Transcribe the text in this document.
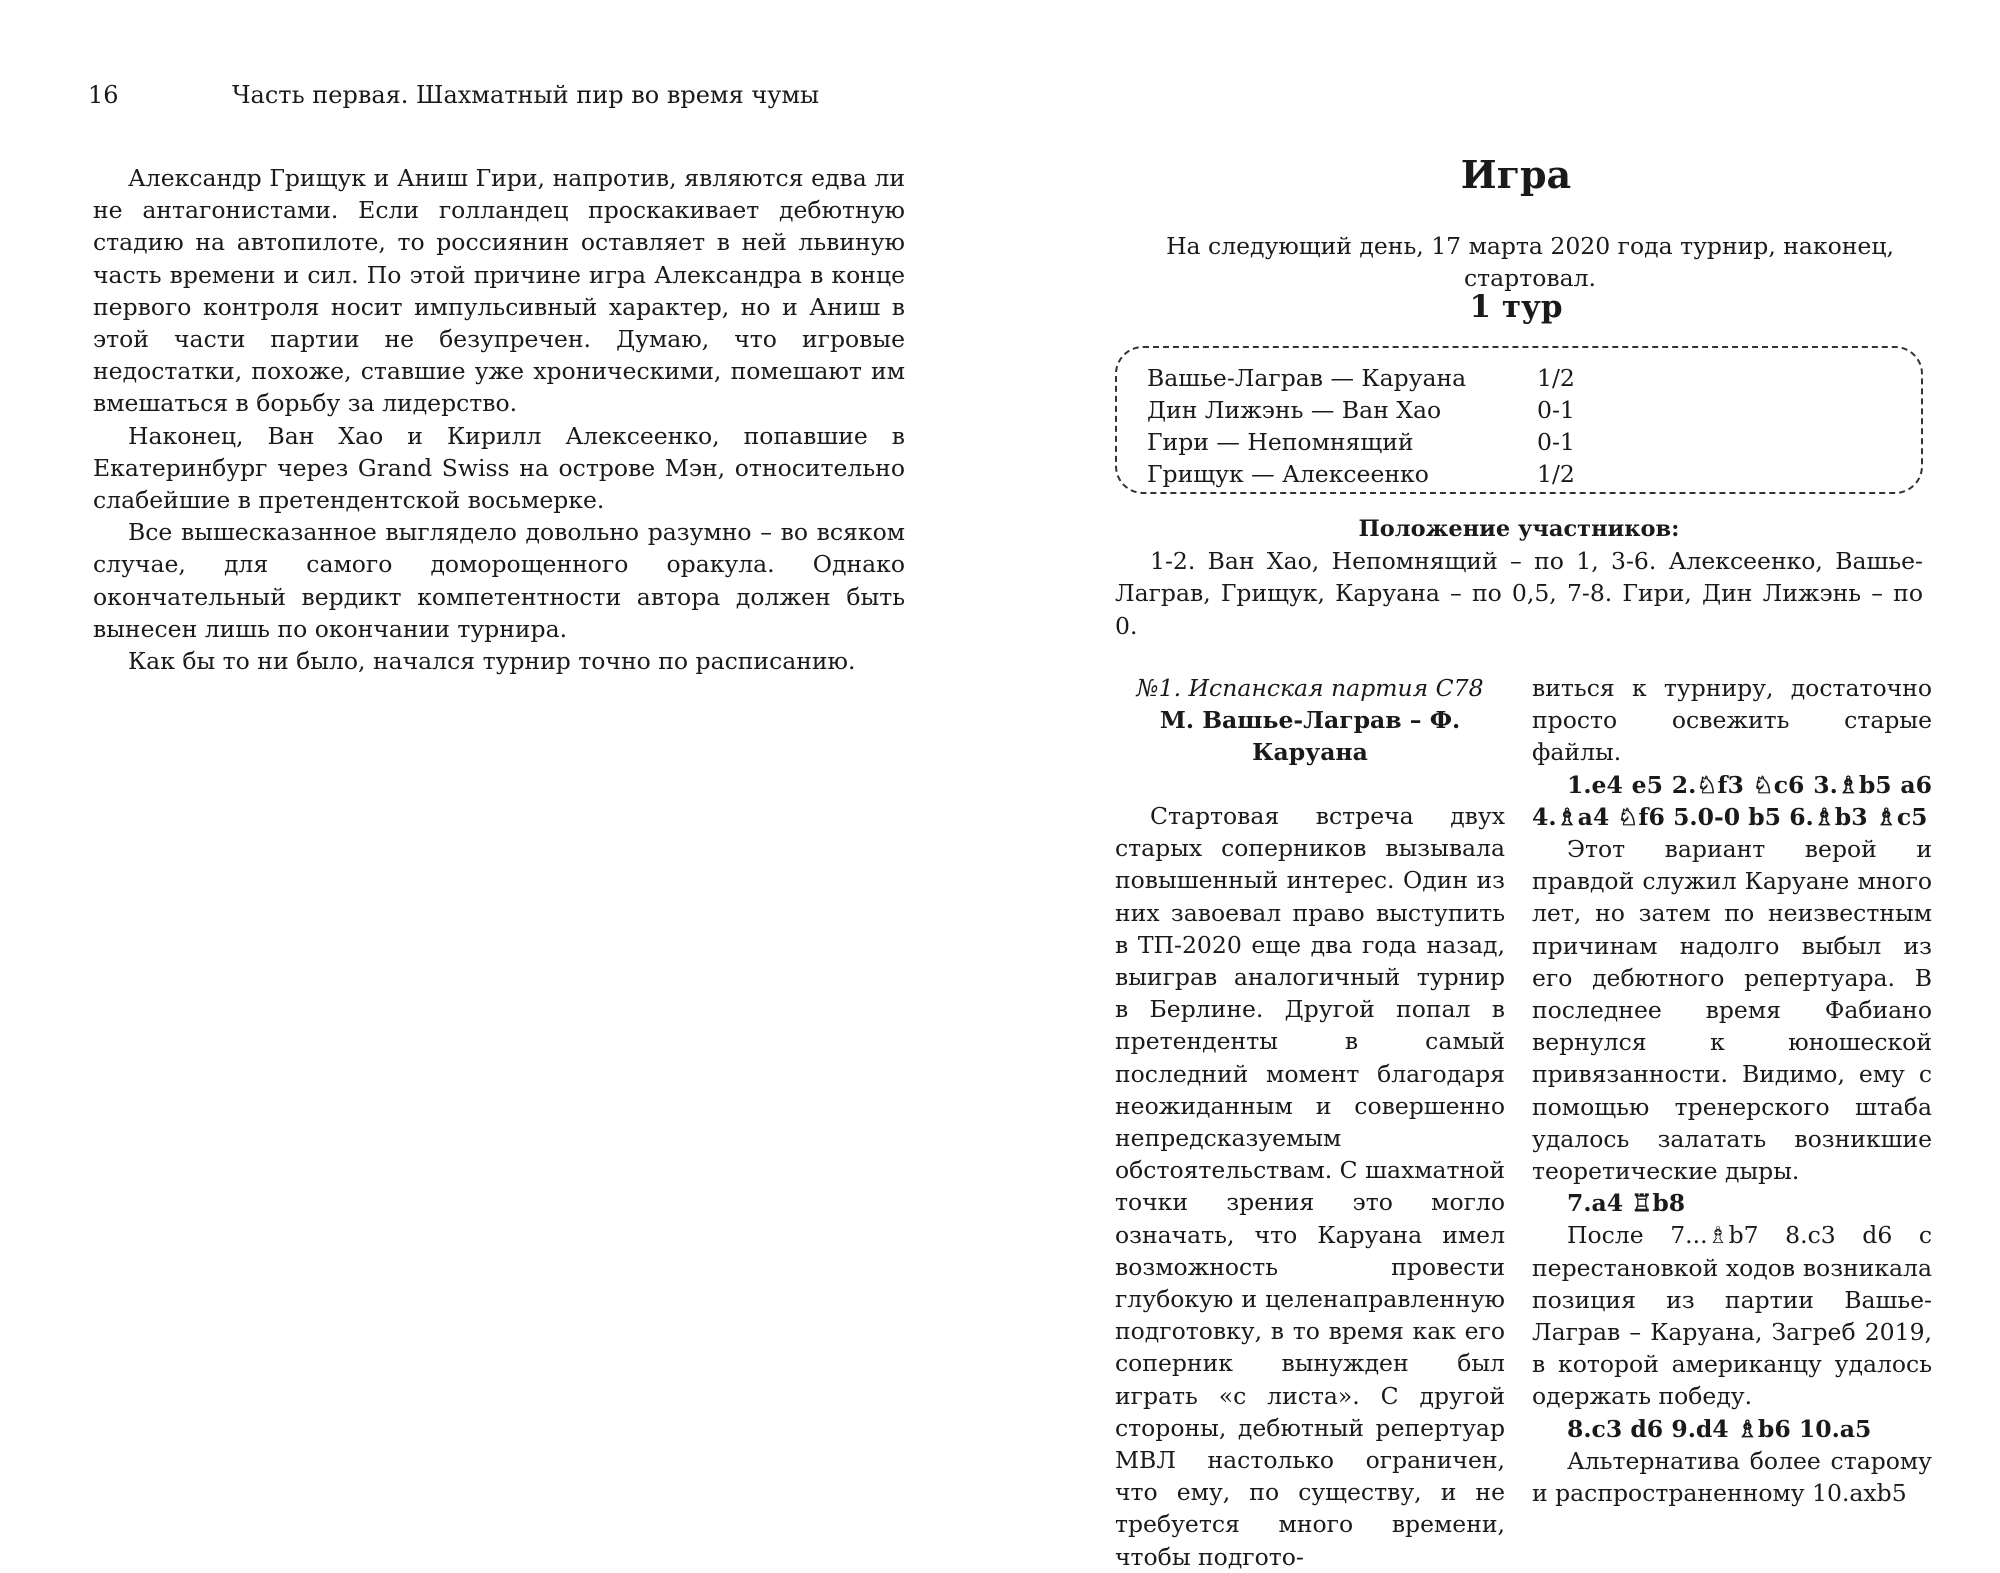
16	Часть первая. Шахматный пир во время чумы

Александр Грищук и Аниш Гири, напротив, являются едва ли не антагонистами. Если голландец проскакивает дебютную стадию на автопилоте, то россиянин оставляет в ней львиную часть времени и сил. По этой причине игра Александра в конце первого контроля носит импульсивный характер, но и Аниш в этой части партии не безупречен. Думаю, что игровые недостатки, похоже, ставшие уже хроническими, помешают им вмешаться в борьбу за лидерство.

Наконец, Ван Хао и Кирилл Алексеенко, попавшие в Екатеринбург через Grand Swiss на острове Мэн, относительно слабейшие в претендентской восьмерке.

Все вышесказанное выглядело довольно разумно – во всяком случае, для самого доморощенного оракула. Однако окончательный вердикт компетентности автора должен быть вынесен лишь по окончании турнира.

Как бы то ни было, начался турнир точно по расписанию.

Игра

На следующий день, 17 марта 2020 года турнир, наконец, стартовал.

1 тур
Вашье-Лаграв — Каруана	1/2
Дин Лижэнь — Ван Хао	0-1
Гири — Непомнящий	0-1
Грищук — Алексеенко	1/2

Положение участников:

1-2. Ван Хао, Непомнящий – по 1, 3-6. Алексеенко, Вашье-Лаграв, Грищук, Каруана – по 0,5, 7-8. Гири, Дин Лижэнь – по 0.

№1. Испанская партия С78

М. Вашье-Лаграв – Ф. Каруана

Стартовая встреча двух старых соперников вызывала повышенный интерес. Один из них завоевал право выступить в ТП-2020 еще два года назад, выиграв аналогичный турнир в Берлине. Другой попал в претенденты в самый последний момент благодаря неожиданным и совершенно непредсказуемым обстоятельствам. С шахматной точки зрения это могло означать, что Каруана имел возможность провести глубокую и целенаправленную подготовку, в то время как его соперник вынужден был играть «с листа». С другой стороны, дебютный репертуар МВЛ настолько ограничен, что ему, по существу, и не требуется много времени, чтобы подгото-

виться к турниру, достаточно просто освежить старые файлы.

1.e4 e5 2.♘f3 ♘c6 3.♗b5 a6 4.♗a4 ♘f6 5.0-0 b5 6.♗b3 ♗c5

Этот вариант верой и правдой служил Каруане много лет, но затем по неизвестным причинам надолго выбыл из его дебютного репертуара. В последнее время Фабиано вернулся к юношеской привязанности. Видимо, ему с помощью тренерского штаба удалось залатать возникшие теоретические дыры.

7.a4 ♖b8

После 7...♗b7 8.c3 d6 с перестановкой ходов возникала позиция из партии Вашье-Лаграв – Каруана, Загреб 2019, в которой американцу удалось одержать победу.

8.c3 d6 9.d4 ♗b6 10.a5

Альтернатива более старому и распространенному 10.axb5
